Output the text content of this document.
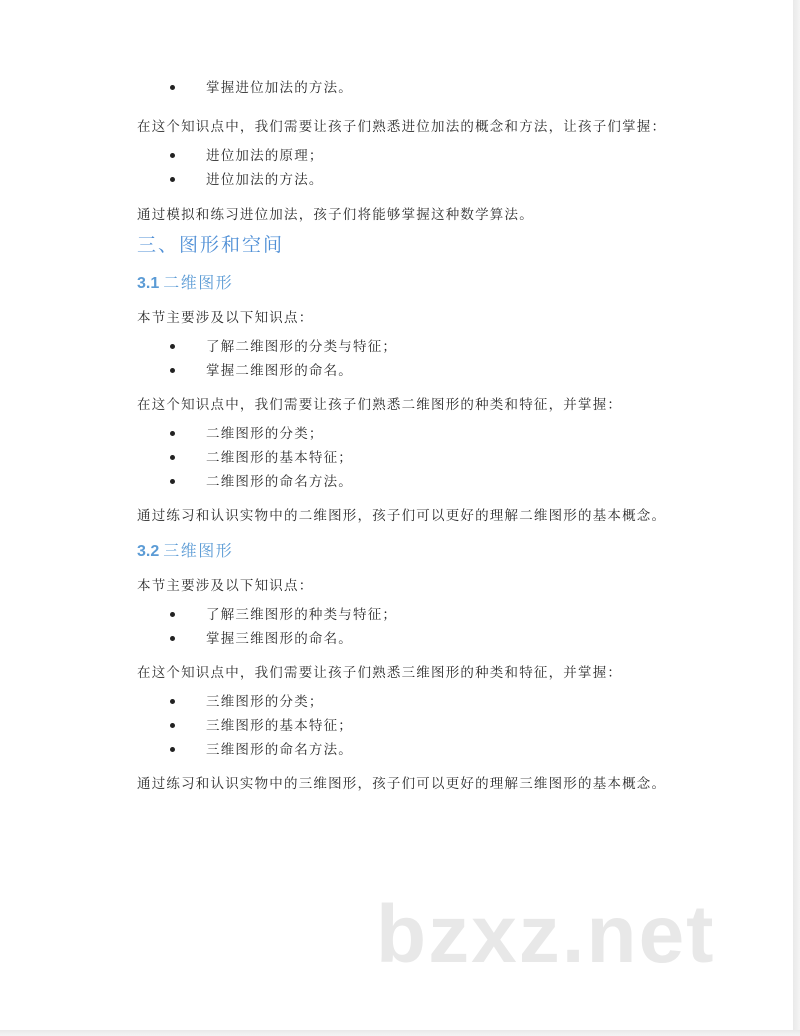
掌握进位加法的方法。

在这个知识点中，我们需要让孩子们熟悉进位加法的概念和方法，让孩子们掌握：

进位加法的原理；
进位加法的方法。

通过模拟和练习进位加法，孩子们将能够掌握这种数学算法。

三、图形和空间
3.1 二维图形

本节主要涉及以下知识点：

了解二维图形的分类与特征；
掌握二维图形的命名。

在这个知识点中，我们需要让孩子们熟悉二维图形的种类和特征，并掌握：

二维图形的分类；
二维图形的基本特征；
二维图形的命名方法。

通过练习和认识实物中的二维图形，孩子们可以更好的理解二维图形的基本概念。

3.2 三维图形

本节主要涉及以下知识点：

了解三维图形的种类与特征；
掌握三维图形的命名。

在这个知识点中，我们需要让孩子们熟悉三维图形的种类和特征，并掌握：

三维图形的分类；
三维图形的基本特征；
三维图形的命名方法。

通过练习和认识实物中的三维图形，孩子们可以更好的理解三维图形的基本概念。

bzxz.net
